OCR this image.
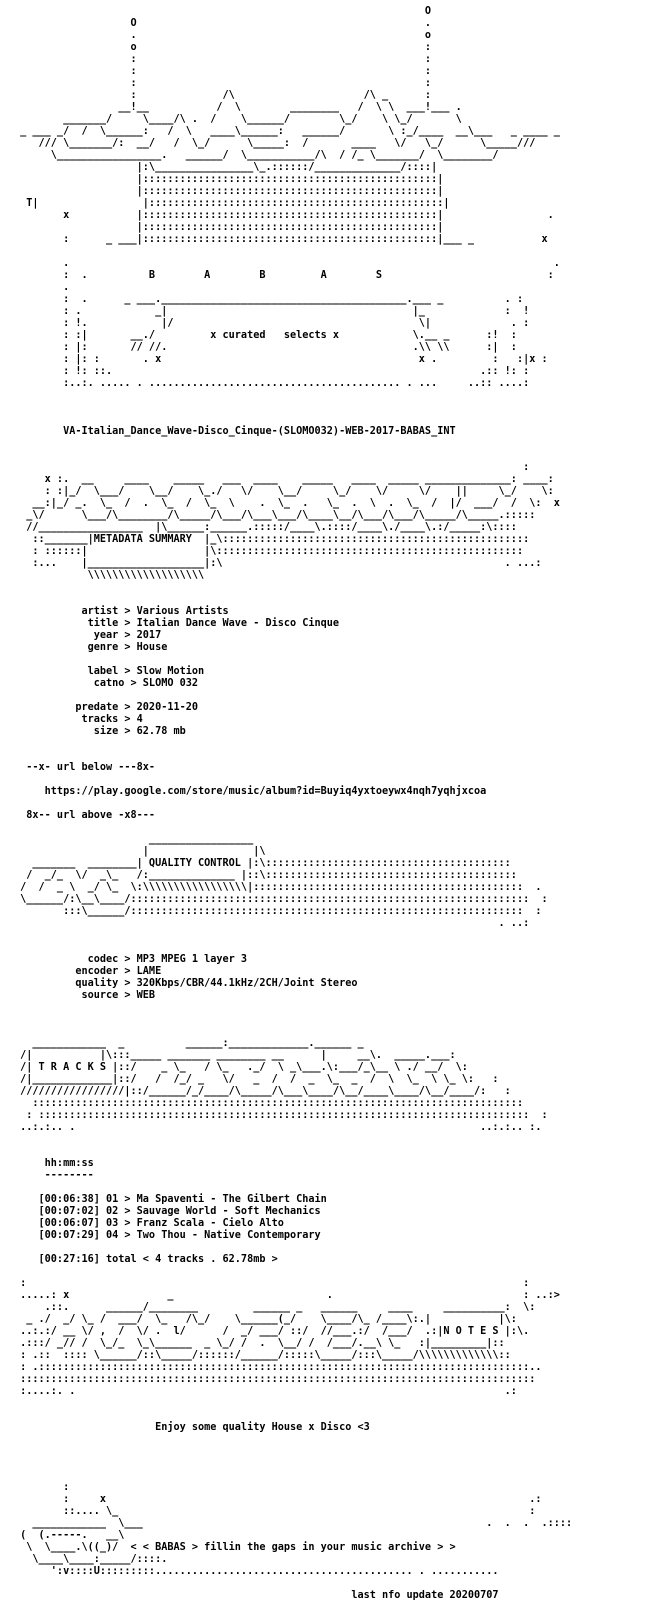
O
O                                               .
.                                               o
o                                               :
:                                               :
:                                               :
:                                               :
:              /\                     /\ _      :
__!__           /  \        ________   /  \ \  ___!___ .
_______/     \____/\ .  /    \______/        \_/    \ \_/       \
_ ___ _/  /  \______:   /  \   ____\______:   ______/       \ :_/____  __\___   _ ____ _
/// \_______/:  __/   /  \_/      \_____:  /       ____   \/   \_/      \_____///
\_________________.   ______/  \___________/\  / /_ \_______/  \________/
|:\________________\_.::::::/______________/::::|
|::::::::::::::::::::::::::::::::::::::::::::::::|
|::::::::::::::::::::::::::::::::::::::::::::::::|
T|                 |::::::::::::::::::::::::::::::::::::::::::::::::|
x           |::::::::::::::::::::::::::::::::::::::::::::::::|                 .
|::::::::::::::::::::::::::::::::::::::::::::::::|
:      _ ___|::::::::::::::::::::::::::::::::::::::::::::::::|___ _           x

.                                                                               .
:  .          B        A        B         A        S                           :
.
:  .      _ ___.________________________________________.___ _          . :
: .            _|                                        |_             :  !
: !.            |/                                        \|             . :
: :|       __./         x curated   selects x            \.__ _      :!  :
: |:       // //.                                        .\\ \\      :|  :
: |: :       . x                                          x .         :   :|x :
: !: ::.                                                            .:: !: :
:..:. ..... . ......................................... . ...     ..:: ....:

VA-Italian_Dance_Wave-Disco_Cinque-(SLOMO032)-WEB-2017-BABAS_INT

:
x :.  __     ____    _____   ___  ____    _____   ____  _____ ______________: ____:
: :|_/  \___/    \__/    \_./   \/    \__/     \_/    \/     \/    ||     \_/    \:
__:|_/ _.  \_  /  .  \_  /  \_  \    .  \_  .   \_  .  \  .  \_  /  |/  ___/  /  \:  x
_\/      \___/\________/\_____/\___/\___\___/\____\__/\___/\___/\_____/\_____.:::::
//_________________  |\______:______.:::::/____\.::::/____\./____\.:/_____:\::::
::_______|METADATA SUMMARY  |_\::::::::::::::::::::::::::::::::::::::::::::::::::
: ::::::|                   |\::::::::::::::::::::::::::::::::::::::::::::::::::
:...    |___________________|:\                                              . ...:
\\\\\\\\\\\\\\\\\\\

artist > Various Artists
title > Italian Dance Wave - Disco Cinque
year > 2017
genre > House

label > Slow Motion
catno > SLOMO 032

predate > 2020-11-20
tracks > 4
size > 62.78 mb

--x- url below ---8x-

https://play.google.com/store/music/album?id=Buyiq4yxtoeywx4nqh7yqhjxcoa

8x-- url above -x8---

_________________
|                 |\
_______  ________| QUALITY CONTROL |:\::::::::::::::::::::::::::::::::::::::::
/  _/_  \/  _\_   /:______________ |::\:::::::::::::::::::::::::::::::::::::::::
/  /  _ \  _/ \_  \:\\\\\\\\\\\\\\\\\|::::::::::::::::::::::::::::::::::::::::::::  .
\______/:\__\____/:::::::::::::::::::::::::::::::::::::::::::::::::::::::::::::::::  :
:::\______/::::::::::::::::::::::::::::::::::::::::::::::::::::::::::::::::  :
. ..:

codec > MP3 MPEG 1 layer 3
encoder > LAME
quality > 320Kbps/CBR/44.1kHz/2CH/Joint Stereo
source > WEB

____________  _          ______:_____________.______ _
/|           |\:::_____ _______ ________ __      |     __\.  _____.___:
/| T R A C K S |::/    _ \_   / \_   ._/  \ _\___.\:___/_\__ \ ./ __/  \:
/|_____________|::/   /  /_/ _   \/   _  /  /  _  \_  _  /  \  \_  \ \_ \:   :
/////////////////|::/______/_/____/\_____/\___\____/\__/____\____/\__/____/:   :
::::::::::::::::::::::::::::::::::::::::::::::::::::::::::::::::::::::::::::::::
: ::::::::::::::::::::::::::::::::::::::::::::::::::::::::::::::::::::::::::::::::  :
..:.:.. .                                                                  ..:.:.. :.

hh:mm:ss
--------

[00:06:38] 01 > Ma Spaventi - The Gilbert Chain
[00:07:02] 02 > Sauvage World - Soft Mechanics
[00:06:07] 03 > Franz Scala - Cielo Alto
[00:07:29] 04 > Two Thou - Native Contemporary

[00:27:16] total < 4 tracks . 62.78mb >

:                                                                                 :
.....: x                _                         .                               : ..:>
.::.      ______/________         ______ _   ______     ____     __________:  \:
_ ./  _/ \_ /  ___/  \_   /\_/    \______(_/    \____/\_ /____\:.|           |\:
..:.:/ __ \/ ,  /  \/ .  l/      /  _/ ___/ ::/  //___.:/  /___/  .:|N O T E S |:\.
.:::/ _// /  \_/_  \_\______  _ \_/ /  .  \__/ /  /___/.__\ \_   :|_________|::
: .::  :::: \______/::\_____/::::::/______/:::::\_____/:::\_____/\\\\\\\\\\\\\::
: .::::::::::::::::::::::::::::::::::::::::::::::::::::::::::::::::::::::::::::::::..
::::::::::::::::::::::::::::::::::::::::::::::::::::::::::::::::::::::::::::::::::::
:....:. .                                                                      .:

Enjoy some quality House x Disco <3

:
:     x                                                                     .:
::.... \_                                                                   :
____________  \___                                                        .  .  .  .::::
(  (.-----.   __\
\  \____.\((_)/  < < BABAS > fillin the gaps in your music archive > >
\____\____:_____/::::.
':v::::U:::::::::.......................................... . ...........

last nfo update 20200707
